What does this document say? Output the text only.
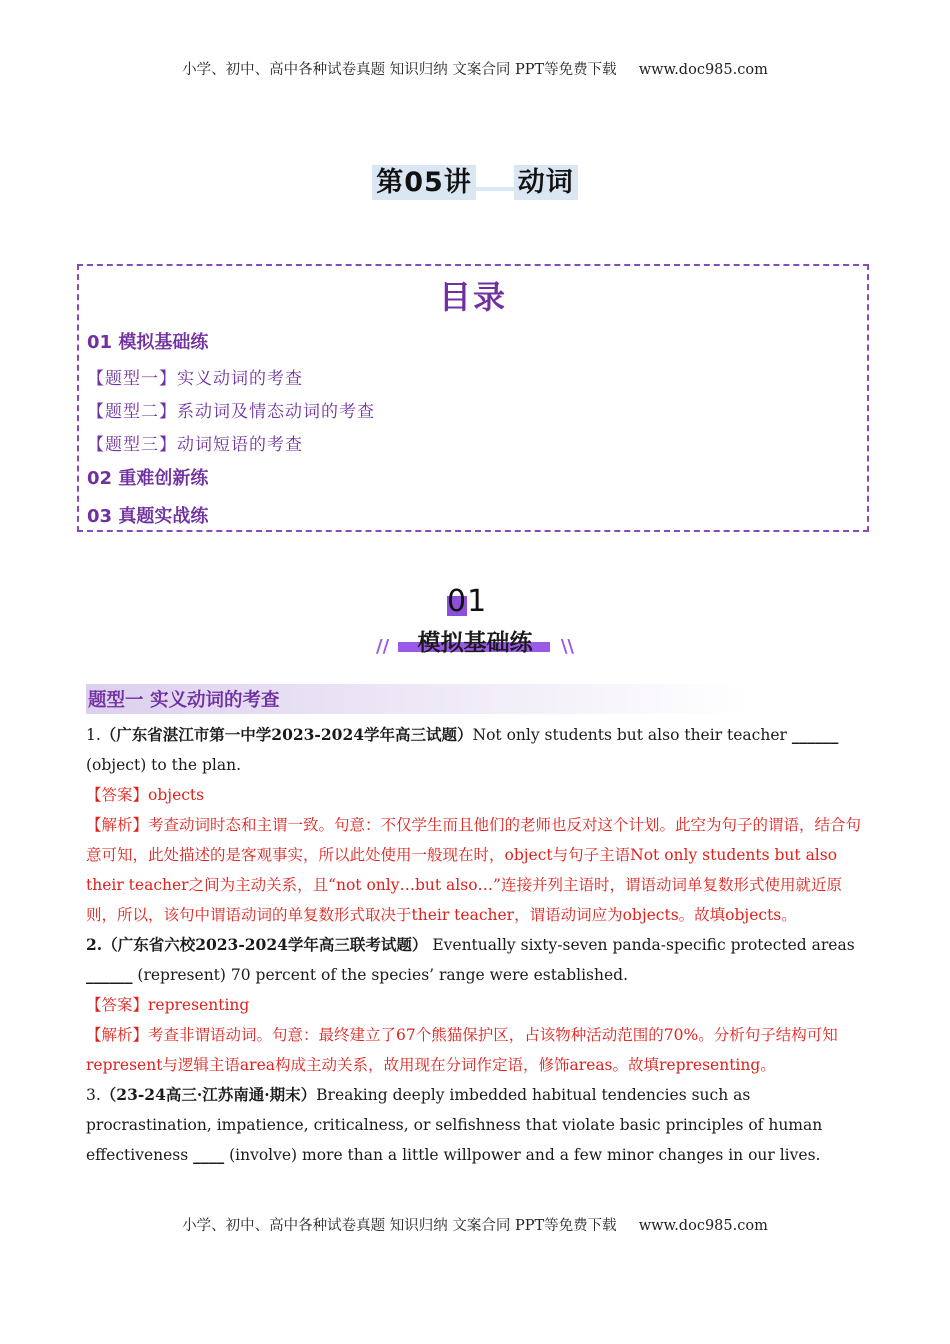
小学、初中、高中各种试卷真题 知识归纳 文案合同 PPT等免费下载 www.doc985.com
第05讲 动词
目录
01 模拟基础练
【题型一】实义动词的考查
【题型二】系动词及情态动词的考查
【题型三】动词短语的考查
02 重难创新练
03 真题实战练
01
模拟基础练
//	\\
题型一 实义动词的考查

1.（广东省湛江市第一中学2023-2024学年高三试题）Not only students but also their teacher ______ (object) to the plan.

【答案】objects

【解析】考查动词时态和主谓一致。句意：不仅学生而且他们的老师也反对这个计划。此空为句子的谓语，结合句意可知，此处描述的是客观事实，所以此处使用一般现在时，object与句子主语Not only students but also their teacher之间为主动关系，且“not only…but also…”连接并列主语时，谓语动词单复数形式使用就近原则，所以，该句中谓语动词的单复数形式取决于their teacher，谓语动词应为objects。故填objects。

2.（广东省六校2023-2024学年高三联考试题） Eventually sixty-seven panda-specific protected areas ______ (represent) 70 percent of the species’ range were established.

【答案】representing

【解析】考查非谓语动词。句意：最终建立了67个熊猫保护区，占该物种活动范围的70%。分析句子结构可知represent与逻辑主语area构成主动关系，故用现在分词作定语，修饰areas。故填representing。

3.（23-24高三·江苏南通·期末）Breaking deeply imbedded habitual tendencies such as procrastination, impatience, criticalness, or selfishness that violate basic principles of human effectiveness ____ (involve) more than a little willpower and a few minor changes in our lives.

小学、初中、高中各种试卷真题 知识归纳 文案合同 PPT等免费下载 www.doc985.com
